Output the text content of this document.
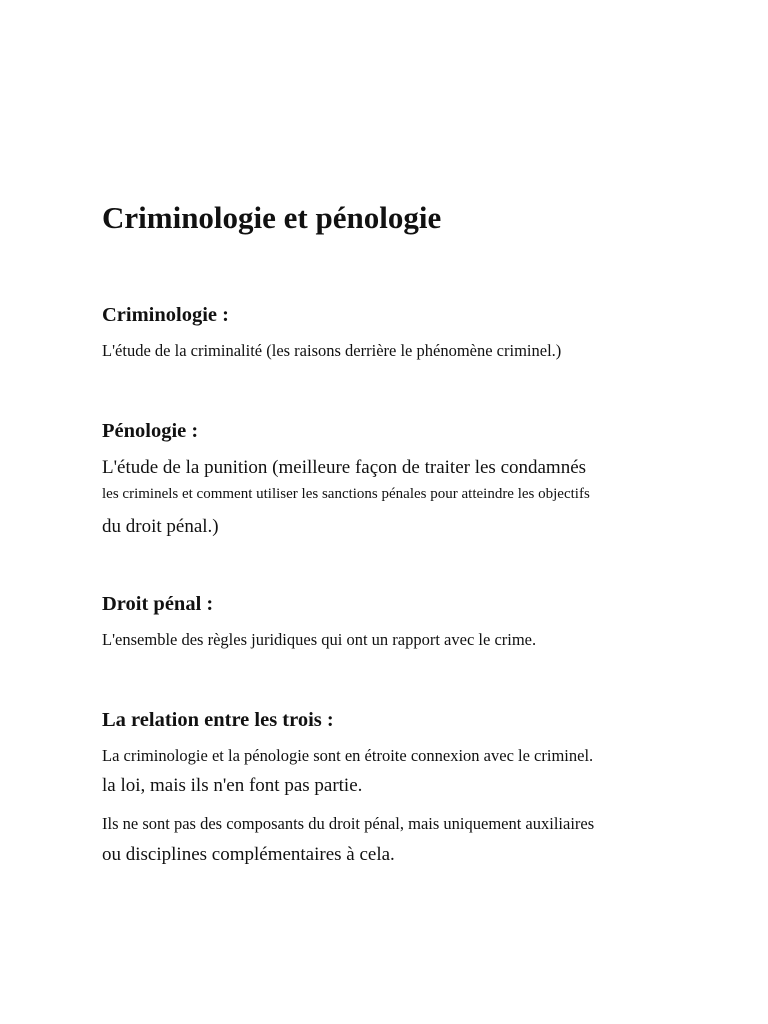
Criminologie et pénologie
Criminologie :

L'étude de la criminalité (les raisons derrière le phénomène criminel.)

Pénologie :

L'étude de la punition (meilleure façon de traiter les condamnés

les criminels et comment utiliser les sanctions pénales pour atteindre les objectifs

du droit pénal.)

Droit pénal :

L'ensemble des règles juridiques qui ont un rapport avec le crime.

La relation entre les trois :

La criminologie et la pénologie sont en étroite connexion avec le criminel.

la loi, mais ils n'en font pas partie.

Ils ne sont pas des composants du droit pénal, mais uniquement auxiliaires

ou disciplines complémentaires à cela.
